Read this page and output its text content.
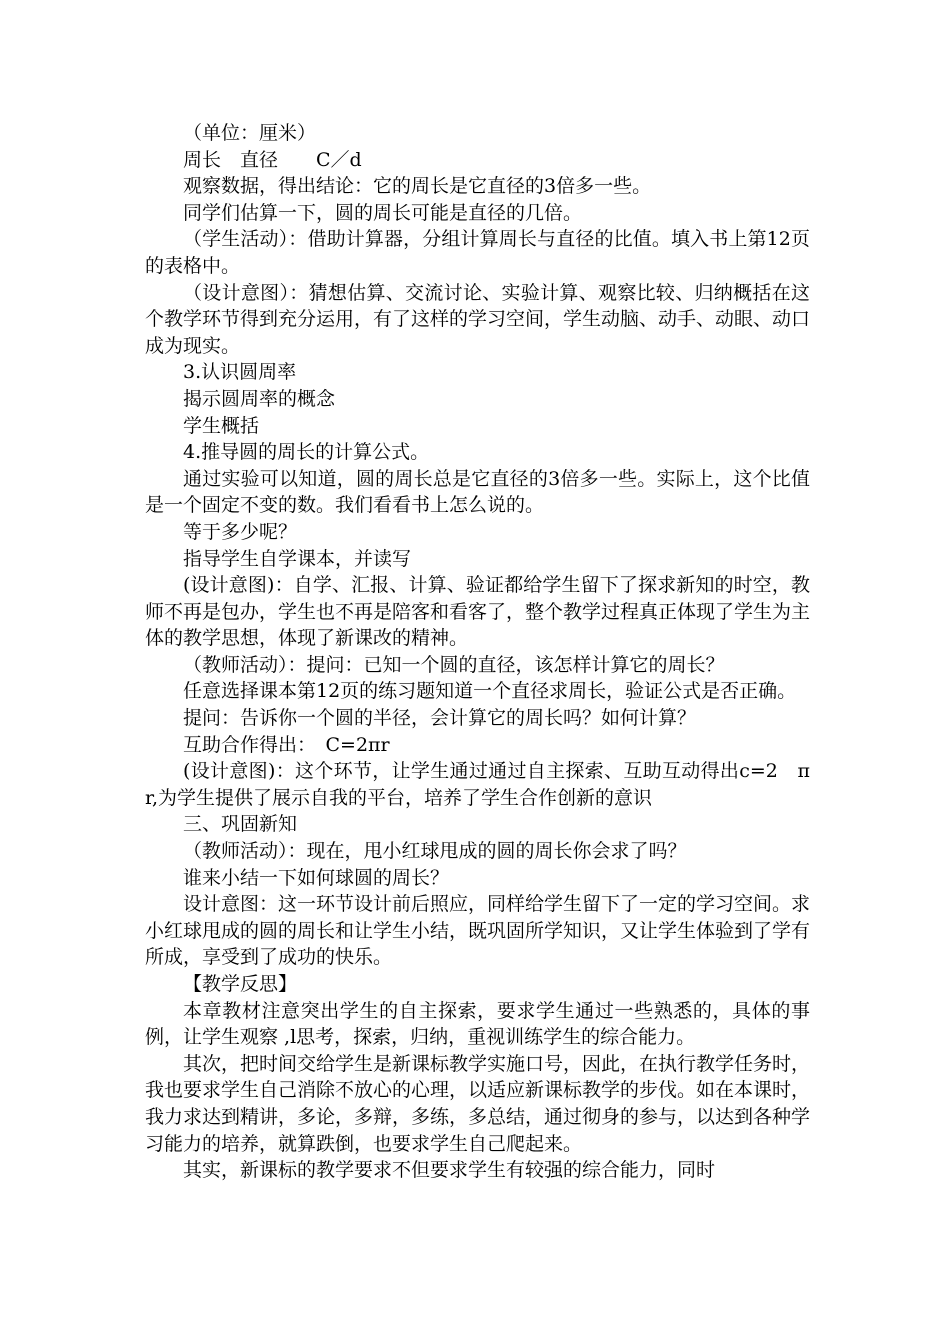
（单位：厘米）

周长　直径　　C／d

观察数据，得出结论：它的周长是它直径的3倍多一些。

同学们估算一下，圆的周长可能是直径的几倍。

（学生活动）：借助计算器，分组计算周长与直径的比值。填入书上第12页的表格中。

（设计意图）：猜想估算、交流讨论、实验计算、观察比较、归纳概括在这个教学环节得到充分运用，有了这样的学习空间，学生动脑、动手、动眼、动口成为现实。

3.认识圆周率

揭示圆周率的概念

学生概括

4.推导圆的周长的计算公式。

通过实验可以知道，圆的周长总是它直径的3倍多一些。实际上，这个比值是一个固定不变的数。我们看看书上怎么说的。

等于多少呢？

指导学生自学课本，并读写

(设计意图)：自学、汇报、计算、验证都给学生留下了探求新知的时空，教师不再是包办，学生也不再是陪客和看客了，整个教学过程真正体现了学生为主体的教学思想，体现了新课改的精神。

（教师活动）：提问：已知一个圆的直径，该怎样计算它的周长？

任意选择课本第12页的练习题知道一个直径求周长，验证公式是否正确。

提问：告诉你一个圆的半径，会计算它的周长吗？如何计算？

互助合作得出：　C=2πr

(设计意图)：这个环节，让学生通过通过自主探索、互助互动得出c=2　π　r,为学生提供了展示自我的平台，培养了学生合作创新的意识

三、巩固新知

（教师活动）：现在，甩小红球甩成的圆的周长你会求了吗？

谁来小结一下如何球圆的周长？

设计意图：这一环节设计前后照应，同样给学生留下了一定的学习空间。求小红球甩成的圆的周长和让学生小结，既巩固所学知识，又让学生体验到了学有所成，享受到了成功的快乐。

【教学反思】

本章教材注意突出学生的自主探索，要求学生通过一些熟悉的，具体的事例，让学生观察 ,l思考，探索，归纳，重视训练学生的综合能力。

其次，把时间交给学生是新课标教学实施口号，因此，在执行教学任务时，我也要求学生自己消除不放心的心理，以适应新课标教学的步伐。如在本课时，我力求达到精讲，多论，多辩，多练，多总结，通过彻身的参与，以达到各种学习能力的培养，就算跌倒，也要求学生自己爬起来。

其实，新课标的教学要求不但要求学生有较强的综合能力，同时
